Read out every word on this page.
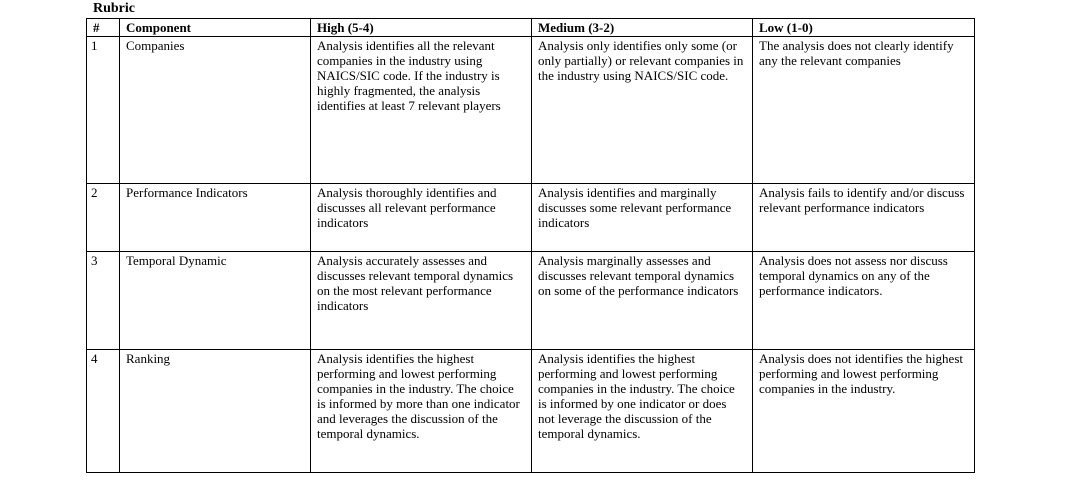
Rubric
#	Component	High (5-4)	Medium (3-2)	Low (1-0)
1	Companies	Analysis identifies all the relevant companies in the industry using NAICS/SIC code. If the industry is highly fragmented, the analysis identifies at least 7 relevant players	Analysis only identifies only some (or only partially) or relevant companies in the industry using NAICS/SIC code.	The analysis does not clearly identify any the relevant companies
2	Performance Indicators	Analysis thoroughly identifies and discusses all relevant performance indicators	Analysis identifies and marginally discusses some relevant performance indicators	Analysis fails to identify and/or discuss relevant performance indicators
3	Temporal Dynamic	Analysis accurately assesses and discusses relevant temporal dynamics on the most relevant performance indicators	Analysis marginally assesses and discusses relevant temporal dynamics on some of the performance indicators	Analysis does not assess nor discuss temporal dynamics on any of the performance indicators.
4	Ranking	Analysis identifies the highest performing and lowest performing companies in the industry. The choice is informed by more than one indicator and leverages the discussion of the temporal dynamics.	Analysis identifies the highest performing and lowest performing companies in the industry. The choice is informed by one indicator or does not leverage the discussion of the temporal dynamics.	Analysis does not identifies the highest performing and lowest performing companies in the industry.
